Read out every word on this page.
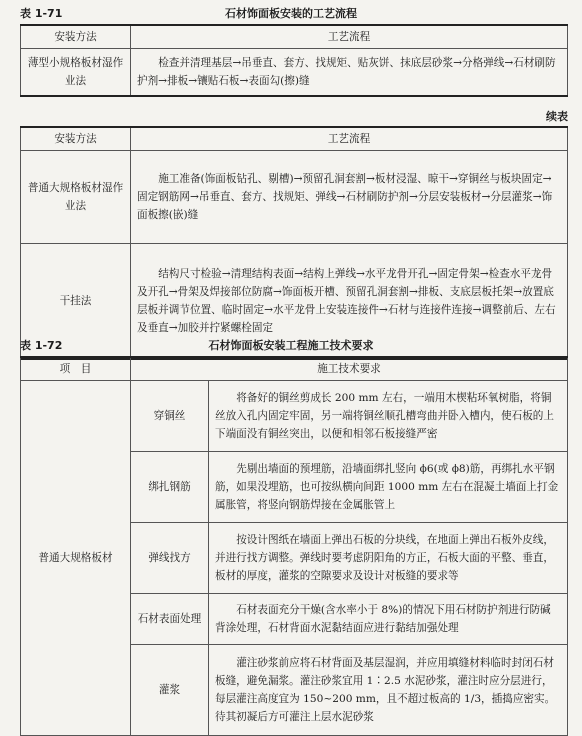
表 1-71	石材饰面板安装的工艺流程
安装方法	工艺流程
薄型小规格板材湿作业法	检查并清理基层→吊垂直、套方、找规矩、贴灰饼、抹底层砂浆→分格弹线→石材刷防护剂→排板→镶贴石板→表面勾(擦)缝
续表
安装方法	工艺流程
普通大规格板材湿作业法	施工准备(饰面板钻孔、剔槽)→预留孔洞套割→板材浸湿、晾干→穿铜丝与板块固定→固定钢筋网→吊垂直、套方、找规矩、弹线→石材刷防护剂→分层安装板材→分层灌浆→饰面板擦(嵌)缝
干挂法	结构尺寸检验→清理结构表面→结构上弹线→水平龙骨开孔→固定骨架→检查水平龙骨及开孔→骨架及焊接部位防腐→饰面板开槽、预留孔洞套割→排板、支底层板托架→放置底层板并调节位置、临时固定→水平龙骨上安装连接件→石材与连接件连接→调整前后、左右及垂直→加胶并拧紧螺栓固定
表 1-72	石材饰面板安装工程施工技术要求
项　目	施工技术要求	
普通大规格板材	穿铜丝	将备好的铜丝剪成长 200 mm 左右，一端用木楔粘环氧树脂，将铜丝放入孔内固定牢固，另一端将铜丝顺孔槽弯曲并卧入槽内，使石板的上下端面没有铜丝突出，以便和相邻石板接缝严密
	绑扎钢筋	先剔出墙面的预埋筋，沿墙面绑扎竖向 ϕ6(或 ϕ8)筋，再绑扎水平钢筋，如果没埋筋，也可按纵横向间距 1000 mm 左右在混凝土墙面上打金属胀管，将竖向钢筋焊接在金属胀管上
	弹线找方	按设计图纸在墙面上弹出石板的分块线，在地面上弹出石板外皮线，并进行找方调整。弹线时要考虑阴阳角的方正，石板大面的平整、垂直，板材的厚度，灌浆的空隙要求及设计对板缝的要求等
	石材表面处理	石材表面充分干燥(含水率小于 8%)的情况下用石材防护剂进行防碱背涂处理，石材背面水泥黏结面应进行黏结加强处理
	灌浆	灌注砂浆前应将石材背面及基层湿润，并应用填缝材料临时封闭石材板缝，避免漏浆。灌注砂浆宜用 1∶2.5 水泥砂浆，灌注时应分层进行，每层灌注高度宜为 150~200 mm，且不超过板高的 1/3，插捣应密实。待其初凝后方可灌注上层水泥砂浆
